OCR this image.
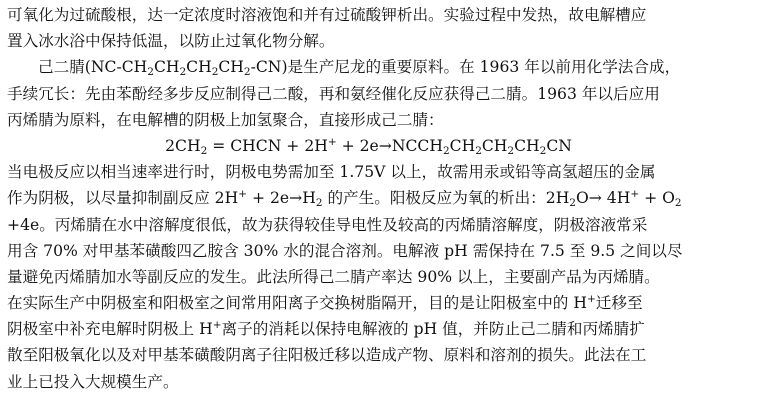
可氧化为过硫酸根，达一定浓度时溶液饱和并有过硫酸钾析出。实验过程中发热，故电解槽应
置入冰水浴中保持低温，以防止过氧化物分解。
己二腈$(NC-CH_2CH_2CH_2CH_2-CN)$是生产尼龙的重要原料。在 1963 年以前用化学法合成，
手续冗长：先由苯酚经多步反应制得己二酸，再和氨经催化反应获得己二腈。1963 年以后应用
丙烯腈为原料，在电解槽的阴极上加氢聚合，直接形成己二腈：
$2CH_2$ = CHCN + $2H^+ + 2e\to NCCH_2CH_2CH_2CH_2CN$
当电极反应以相当速率进行时，阴极电势需加至 1.75V 以上，故需用汞或铅等高氢超压的金属
作为阴极，以尽量抑制副反应 $2H^+ + 2e\to H_2$ 的产生。阳极反应为氧的析出：$2H_2O\to 4H^+ + O_2$
+4e。丙烯腈在水中溶解度很低，故为获得较佳导电性及较高的丙烯腈溶解度，阴极溶液常采
用含 70% 对甲基苯磺酸四乙胺含 30% 水的混合溶剂。电解液 pH 需保持在 7.5 至 9.5 之间以尽
量避免丙烯腈加水等副反应的发生。此法所得己二腈产率达 90% 以上，主要副产品为丙烯腈。
在实际生产中阴极室和阳极室之间常用阳离子交换树脂隔开，目的是让阳极室中的 H+迁移至
阴极室中补充电解时阴极上 H+离子的消耗以保持电解液的 pH 值，并防止己二腈和丙烯腈扩
散至阳极氧化以及对甲基苯磺酸阴离子往阳极迁移以造成产物、原料和溶剂的损失。此法在工
业上已投入大规模生产。
